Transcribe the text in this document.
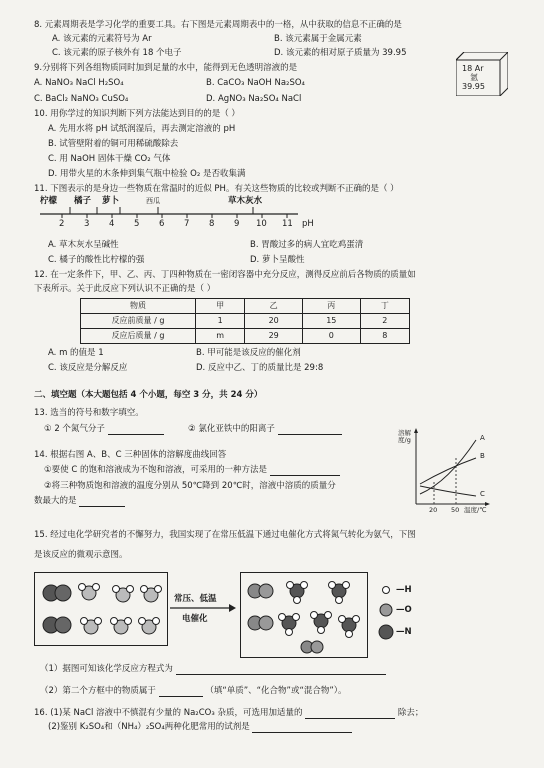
8. 元素周期表是学习化学的重要工具。右下图是元素周期表中的一格，从中获取的信息不正确的是
A. 该元素的元素符号为 Ar	B. 该元素属于金属元素
C. 该元素的原子核外有 18 个电子	D. 该元素的相对原子质量为 39.95
18 Ar
氩
39.95
9.分别将下列各组物质同时加到足量的水中，能得到无色透明溶液的是
A. NaNO₃ NaCl H₂SO₄	B. CaCO₃ NaOH Na₂SO₄
C. BaCl₂ NaNO₃ CuSO₄	D. AgNO₃ Na₂SO₄ NaCl
10. 用你学过的知识判断下列方法能达到目的的是（ ）
A. 先用水将 pH 试纸润湿后，再去测定溶液的 pH
B. 试管壁附着的铜可用稀硫酸除去
C. 用 NaOH 固体干燥 CO₂ 气体
D. 用带火星的木条伸到集气瓶中检验 O₂ 是否收集满
11. 下图表示的是身边一些物质在常温时的近似 PH。有关这些物质的比较或判断不正确的是（ ）
柠檬 橘子 萝卜	西瓜	草木灰水
2 3 4 5 6 7 8 9 10 11 pH
A. 草木灰水呈碱性	B. 胃酸过多的病人宜吃鸡蛋清
C. 橘子的酸性比柠檬的强	D. 萝卜呈酸性
12. 在一定条件下，甲、乙、丙、丁四种物质在一密闭容器中充分反应，测得反应前后各物质的质量如
下表所示。关于此反应下列认识不正确的是（ ）
物质	甲	乙	丙	丁
反应前质量 / g	1	20	15	2
反应后质量 / g	m	29	0	8
A. m 的值是 1	B. 甲可能是该反应的催化剂
C. 该反应是分解反应	D. 反应中乙、丁的质量比是 29:8
二、填空题（本大题包括 4 个小题，每空 3 分，共 24 分）
13. 选当的符号和数字填空。
① 2 个氮气分子	② 氯化亚铁中的阳离子
14. 根据右图 A、B、C 三种固体的溶解度曲线回答
①要使 C 的饱和溶液成为不饱和溶液，可采用的一种方法是
②将三种物质饱和溶液的温度分别从 50℃降到 20℃时，溶液中溶质的质量分
数最大的是
溶解度/g	A
B
C
20 50 温度/℃
15. 经过电化学研究者的不懈努力，我国实现了在常压低温下通过电催化方式将氮气转化为氨气，下图
是该反应的微观示意图。
常压、低温
电催化
—H
—O
—N
（1）据图可知该化学反应方程式为
（2）第二个方框中的物质属于	（填“单质”、“化合物”或“混合物”）。
16. (1)某 NaCl 溶液中不慎混有少量的 Na₂CO₃ 杂质，可选用加适量的	除去；
(2)鉴别 K₂SO₄和（NH₄）₂SO₄两种化肥常用的试剂是
